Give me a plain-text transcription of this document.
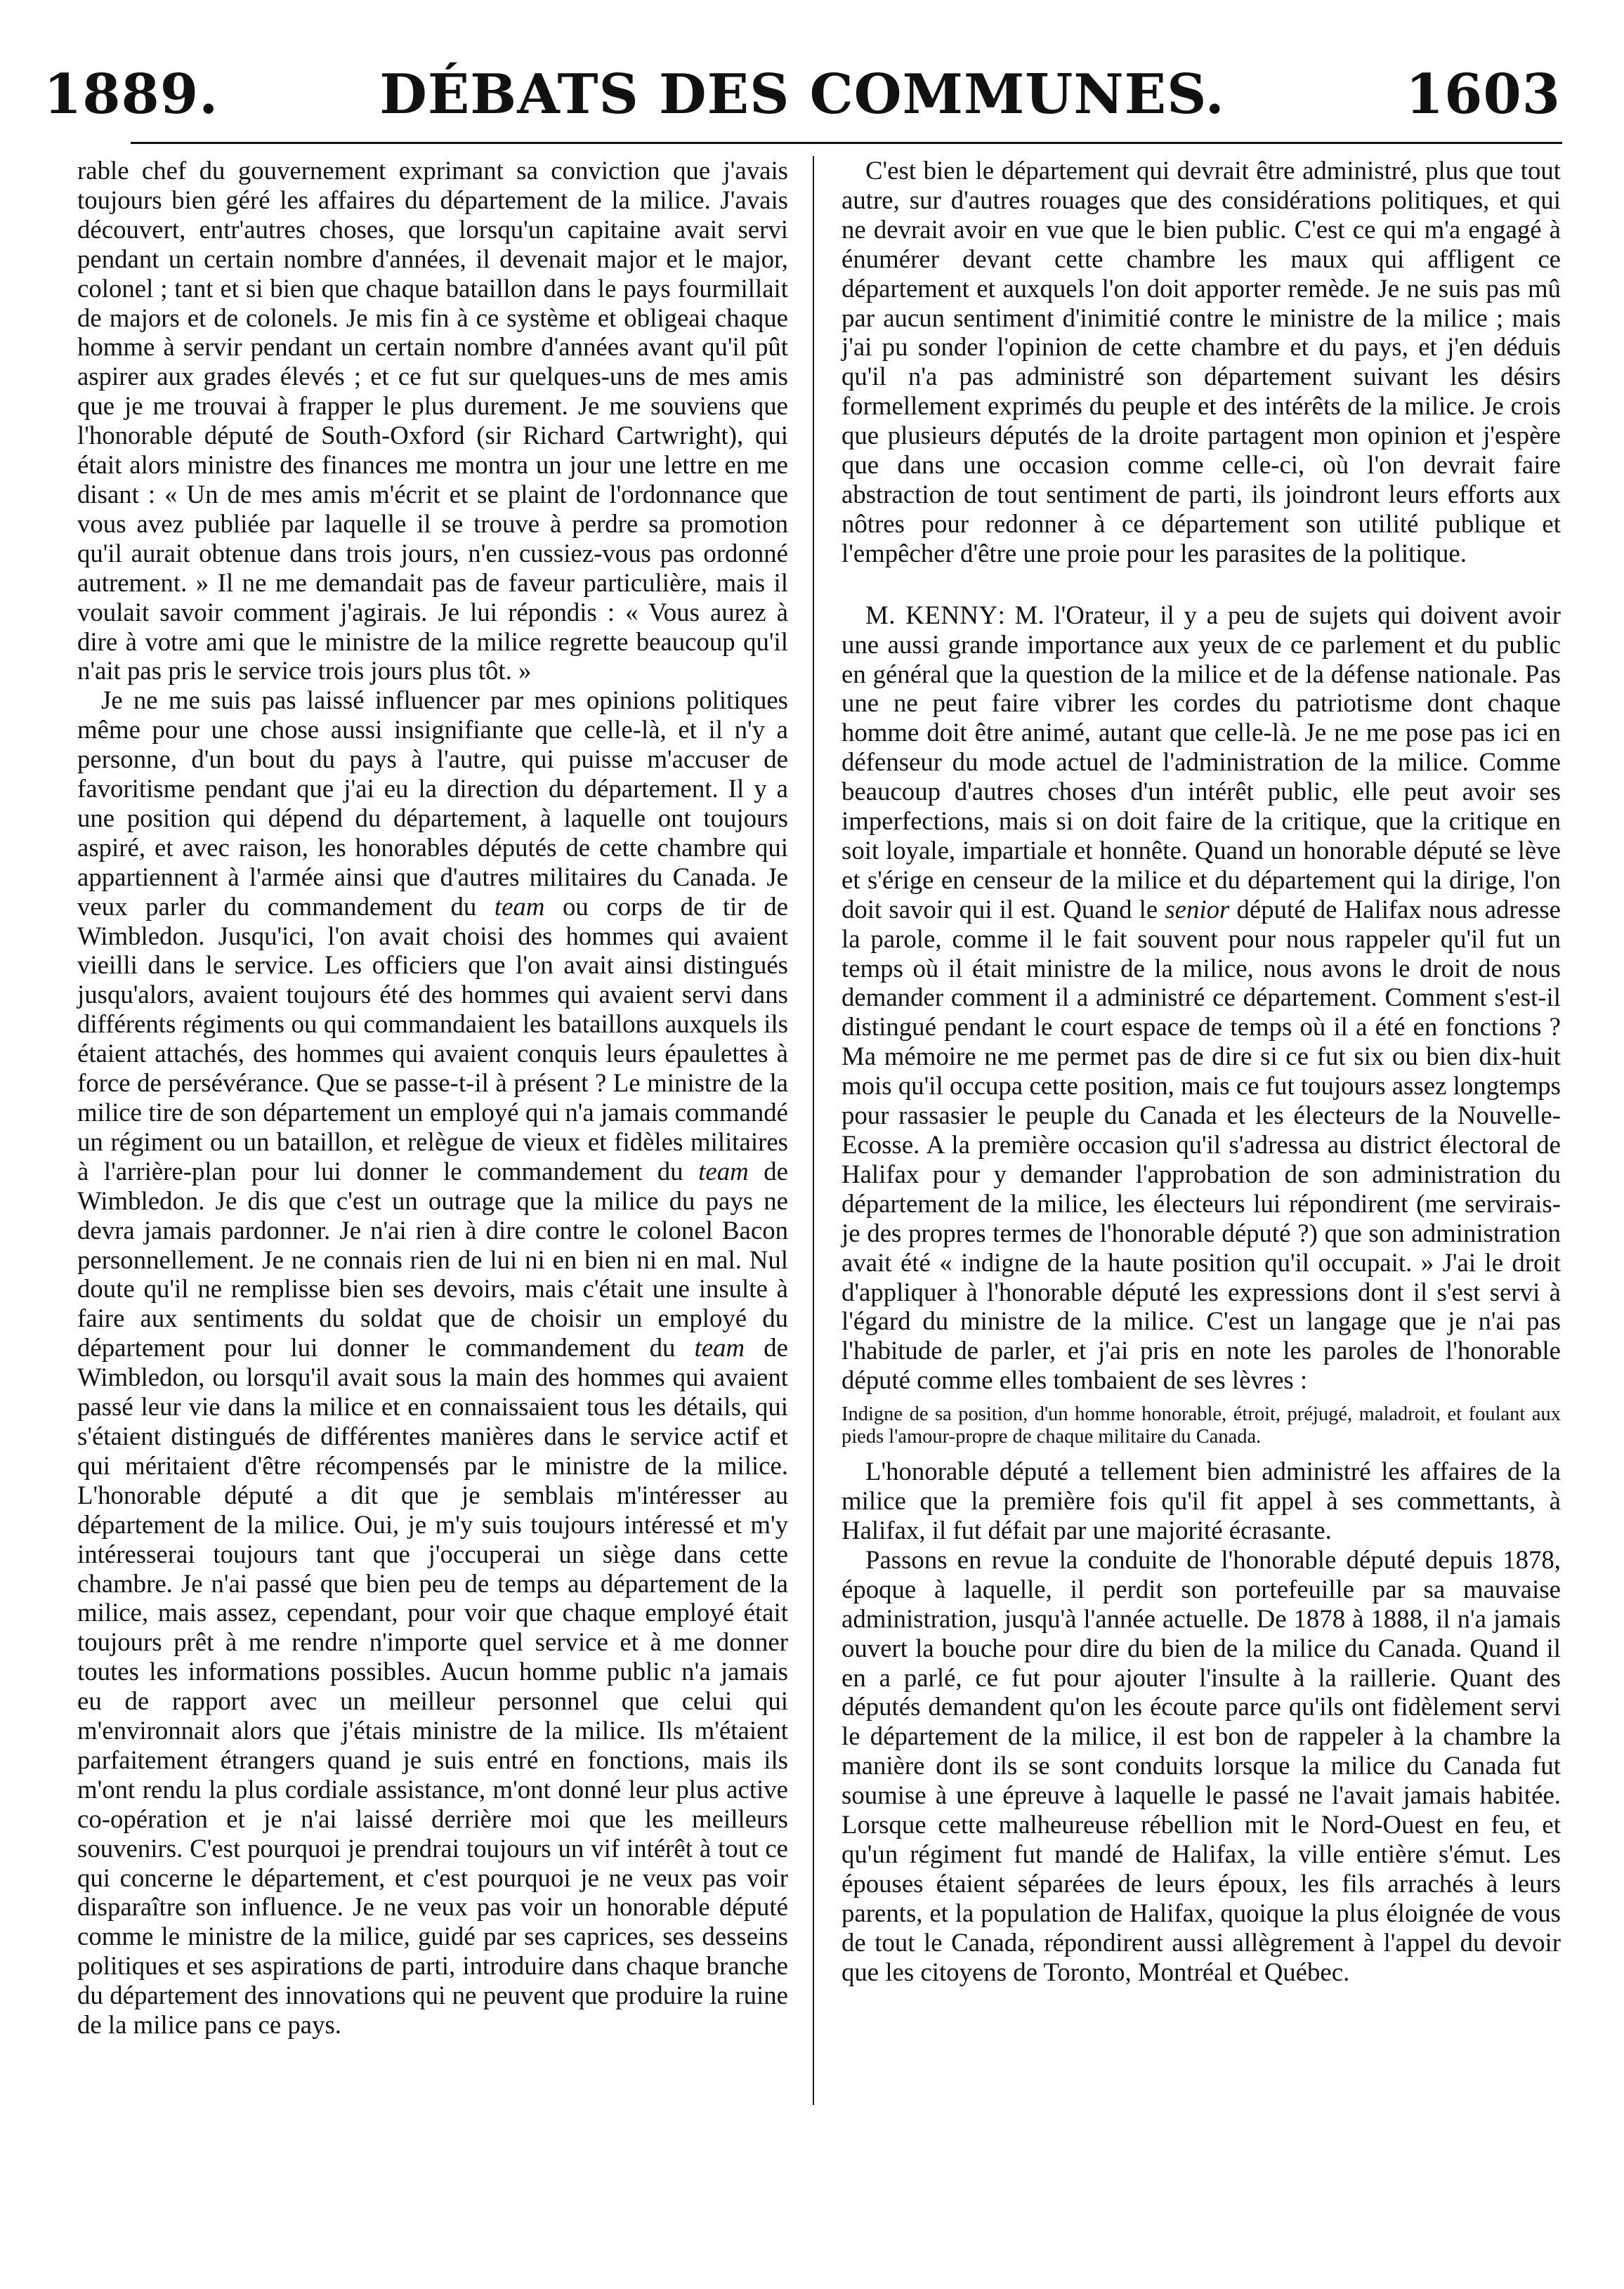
1889.	DÉBATS DES COMMUNES.	1603

rable chef du gouvernement exprimant sa conviction que j'avais toujours bien géré les affaires du département de la milice. J'avais découvert, entr'autres choses, que lorsqu'un capitaine avait servi pendant un certain nombre d'années, il devenait major et le major, colonel ; tant et si bien que chaque bataillon dans le pays fourmillait de majors et de colonels. Je mis fin à ce système et obligeai chaque homme à servir pendant un certain nombre d'années avant qu'il pût aspirer aux grades élevés ; et ce fut sur quelques-uns de mes amis que je me trouvai à frapper le plus durement. Je me souviens que l'honorable député de South-Oxford (sir Richard Cartwright), qui était alors ministre des finances me montra un jour une lettre en me disant : « Un de mes amis m'écrit et se plaint de l'ordonnance que vous avez publiée par laquelle il se trouve à perdre sa promotion qu'il aurait obtenue dans trois jours, n'en cussiez-vous pas ordonné autrement. » Il ne me demandait pas de faveur particulière, mais il voulait savoir comment j'agirais. Je lui répondis : « Vous aurez à dire à votre ami que le ministre de la milice regrette beaucoup qu'il n'ait pas pris le service trois jours plus tôt. »

Je ne me suis pas laissé influencer par mes opinions politiques même pour une chose aussi insignifiante que celle-là, et il n'y a personne, d'un bout du pays à l'autre, qui puisse m'accuser de favoritisme pendant que j'ai eu la direction du département. Il y a une position qui dépend du département, à laquelle ont toujours aspiré, et avec raison, les honorables députés de cette chambre qui appartiennent à l'armée ainsi que d'autres militaires du Canada. Je veux parler du commandement du team ou corps de tir de Wimbledon. Jusqu'ici, l'on avait choisi des hommes qui avaient vieilli dans le service. Les officiers que l'on avait ainsi distingués jusqu'alors, avaient toujours été des hommes qui avaient servi dans différents régiments ou qui commandaient les bataillons auxquels ils étaient attachés, des hommes qui avaient conquis leurs épaulettes à force de persévérance. Que se passe-t-il à présent ? Le ministre de la milice tire de son département un employé qui n'a jamais commandé un régiment ou un bataillon, et relègue de vieux et fidèles militaires à l'arrière-plan pour lui donner le commandement du team de Wimbledon. Je dis que c'est un outrage que la milice du pays ne devra jamais pardonner. Je n'ai rien à dire contre le colonel Bacon personnellement. Je ne connais rien de lui ni en bien ni en mal. Nul doute qu'il ne remplisse bien ses devoirs, mais c'était une insulte à faire aux sentiments du soldat que de choisir un employé du département pour lui donner le commandement du team de Wimbledon, ou lorsqu'il avait sous la main des hommes qui avaient passé leur vie dans la milice et en connaissaient tous les détails, qui s'étaient distingués de différentes manières dans le service actif et qui méritaient d'être récompensés par le ministre de la milice. L'honorable député a dit que je semblais m'intéresser au département de la milice. Oui, je m'y suis toujours intéressé et m'y intéresserai toujours tant que j'occuperai un siège dans cette chambre. Je n'ai passé que bien peu de temps au département de la milice, mais assez, cependant, pour voir que chaque employé était toujours prêt à me rendre n'importe quel service et à me donner toutes les informations possibles. Aucun homme public n'a jamais eu de rapport avec un meilleur personnel que celui qui m'environnait alors que j'étais ministre de la milice. Ils m'étaient parfaitement étrangers quand je suis entré en fonctions, mais ils m'ont rendu la plus cordiale assistance, m'ont donné leur plus active co-opération et je n'ai laissé derrière moi que les meilleurs souvenirs. C'est pourquoi je prendrai toujours un vif intérêt à tout ce qui concerne le département, et c'est pourquoi je ne veux pas voir disparaître son influence. Je ne veux pas voir un honorable député comme le ministre de la milice, guidé par ses caprices, ses desseins politiques et ses aspirations de parti, introduire dans chaque branche du département des innovations qui ne peuvent que produire la ruine de la milice pans ce pays.

C'est bien le département qui devrait être administré, plus que tout autre, sur d'autres rouages que des considérations politiques, et qui ne devrait avoir en vue que le bien public. C'est ce qui m'a engagé à énumérer devant cette chambre les maux qui affligent ce département et auxquels l'on doit apporter remède. Je ne suis pas mû par aucun sentiment d'inimitié contre le ministre de la milice ; mais j'ai pu sonder l'opinion de cette chambre et du pays, et j'en déduis qu'il n'a pas administré son département suivant les désirs formellement exprimés du peuple et des intérêts de la milice. Je crois que plusieurs députés de la droite partagent mon opinion et j'espère que dans une occasion comme celle-ci, où l'on devrait faire abstraction de tout sentiment de parti, ils joindront leurs efforts aux nôtres pour redonner à ce département son utilité publique et l'empêcher d'être une proie pour les parasites de la politique.

M. KENNY: M. l'Orateur, il y a peu de sujets qui doivent avoir une aussi grande importance aux yeux de ce parlement et du public en général que la question de la milice et de la défense nationale. Pas une ne peut faire vibrer les cordes du patriotisme dont chaque homme doit être animé, autant que celle-là. Je ne me pose pas ici en défenseur du mode actuel de l'administration de la milice. Comme beaucoup d'autres choses d'un intérêt public, elle peut avoir ses imperfections, mais si on doit faire de la critique, que la critique en soit loyale, impartiale et honnête. Quand un honorable député se lève et s'érige en censeur de la milice et du département qui la dirige, l'on doit savoir qui il est. Quand le senior député de Halifax nous adresse la parole, comme il le fait souvent pour nous rappeler qu'il fut un temps où il était ministre de la milice, nous avons le droit de nous demander comment il a administré ce département. Comment s'est-il distingué pendant le court espace de temps où il a été en fonctions ? Ma mémoire ne me permet pas de dire si ce fut six ou bien dix-huit mois qu'il occupa cette position, mais ce fut toujours assez longtemps pour rassasier le peuple du Canada et les électeurs de la Nouvelle-Ecosse. A la première occasion qu'il s'adressa au district électoral de Halifax pour y demander l'approbation de son administration du département de la milice, les électeurs lui répondirent (me servirais-je des propres termes de l'honorable député ?) que son administration avait été « indigne de la haute position qu'il occupait. » J'ai le droit d'appliquer à l'honorable député les expressions dont il s'est servi à l'égard du ministre de la milice. C'est un langage que je n'ai pas l'habitude de parler, et j'ai pris en note les paroles de l'honorable député comme elles tombaient de ses lèvres :

Indigne de sa position, d'un homme honorable, étroit, préjugé, maladroit, et foulant aux pieds l'amour-propre de chaque militaire du Canada.

L'honorable député a tellement bien administré les affaires de la milice que la première fois qu'il fit appel à ses commettants, à Halifax, il fut défait par une majorité écrasante.

Passons en revue la conduite de l'honorable député depuis 1878, époque à laquelle, il perdit son portefeuille par sa mauvaise administration, jusqu'à l'année actuelle. De 1878 à 1888, il n'a jamais ouvert la bouche pour dire du bien de la milice du Canada. Quand il en a parlé, ce fut pour ajouter l'insulte à la raillerie. Quant des députés demandent qu'on les écoute parce qu'ils ont fidèlement servi le département de la milice, il est bon de rappeler à la chambre la manière dont ils se sont conduits lorsque la milice du Canada fut soumise à une épreuve à laquelle le passé ne l'avait jamais habitée. Lorsque cette malheureuse rébellion mit le Nord-Ouest en feu, et qu'un régiment fut mandé de Halifax, la ville entière s'émut. Les épouses étaient séparées de leurs époux, les fils arrachés à leurs parents, et la population de Halifax, quoique la plus éloignée de vous de tout le Canada, répondirent aussi allègrement à l'appel du devoir que les citoyens de Toronto, Montréal et Québec.
